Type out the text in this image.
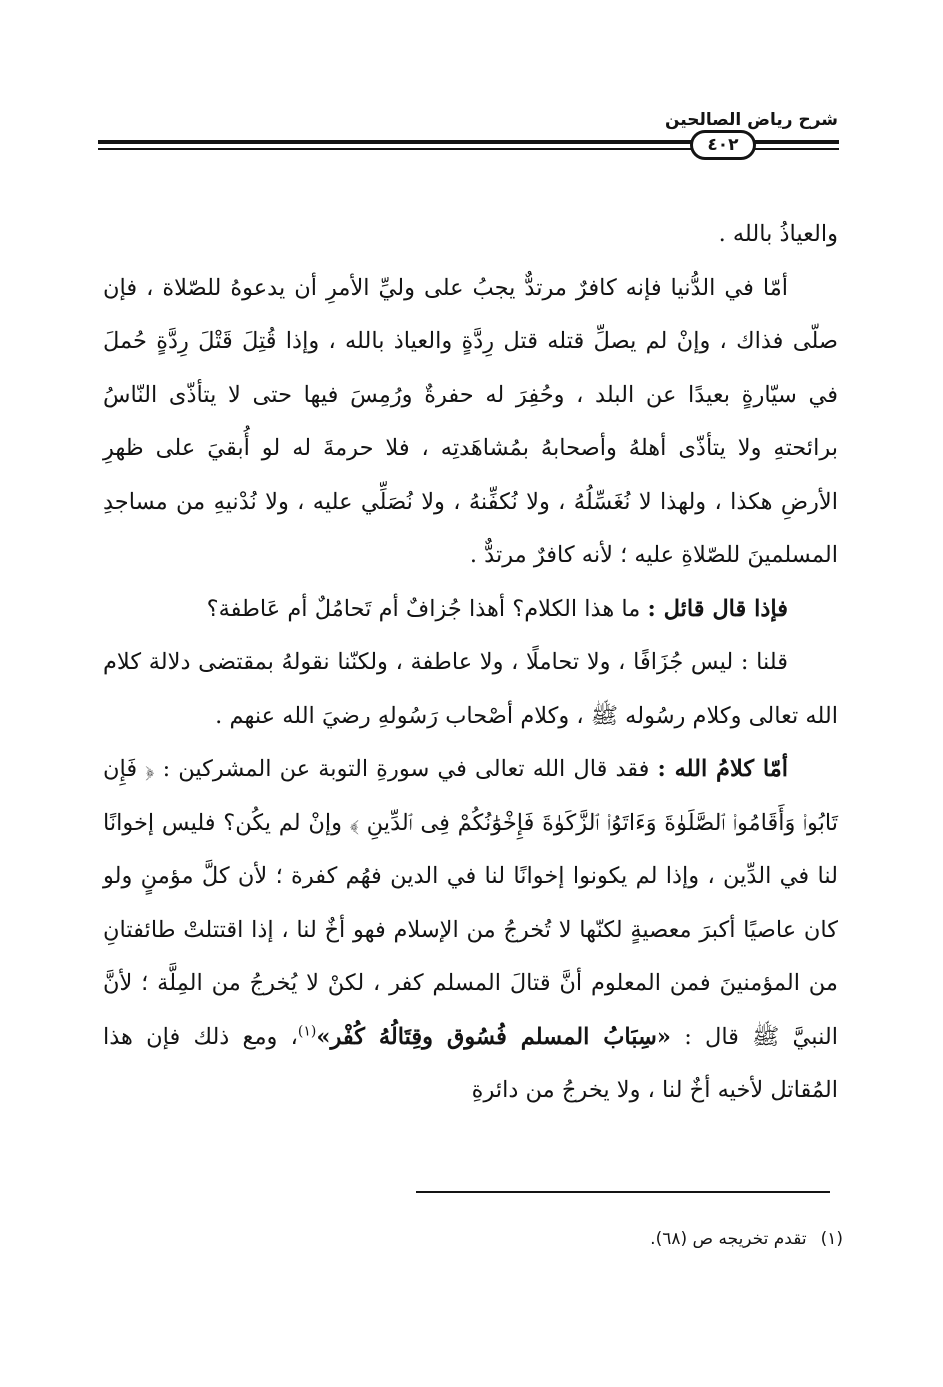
شرح رياض الصالحين
٤٠٢

والعياذُ بالله .

أمّا في الدُّنيا فإنه كافرٌ مرتدٌّ يجبُ على وليِّ الأمرِ أن يدعوهُ للصّلاة ، فإن صلّى فذاك ، وإنْ لم يصلِّ قتله قتل رِدَّةٍ والعياذ بالله ، وإذا قُتِلَ قَتْلَ رِدَّةٍ حُملَ في سيّارةٍ بعيدًا عن البلد ، وحُفِرَ له حفرةٌ ورُمِسَ فيها حتى لا يتأذّى النّاسُ برائحتهِ ولا يتأذّى أهلهُ وأصحابهُ بمُشاهَدتِه ، فلا حرمةَ له لو أُبقيَ على ظهرِ الأرضِ هكذا ، ولهذا لا نُغَسِّلُهُ ، ولا نُكفِّنهُ ، ولا نُصَلِّي عليه ، ولا نُدْنيهِ من مساجدِ المسلمينَ للصّلاةِ عليه ؛ لأنه كافرٌ مرتدٌّ .

فإذا قال قائل : ما هذا الكلام؟ أهذا جُزافٌ أم تَحامُلٌ أم عَاطفة؟

قلنا : ليس جُزَافًا ، ولا تحاملًا ، ولا عاطفة ، ولكنّنا نقولهُ بمقتضى دلالة كلام الله تعالى وكلام رسُوله ﷺ ، وكلام أصْحاب رَسُولهِ رضيَ الله عنهم .

أمّا كلامُ الله : فقد قال الله تعالى في سورةِ التوبة عن المشركين : ﴿ فَإِن تَابُوا۟ وَأَقَامُوا۟ ٱلصَّلَوٰةَ وَءَاتَوُا۟ ٱلزَّكَوٰةَ فَإِخْوَٰنُكُمْ فِى ٱلدِّينِ ﴾ وإنْ لم يكُن؟ فليس إخوانًا لنا في الدِّين ، وإذا لم يكونوا إخوانًا لنا في الدين فهُم كفرة ؛ لأن كلَّ مؤمنٍ ولو كان عاصيًا أكبرَ معصيةٍ لكنّها لا تُخرجُ من الإسلام فهو أخٌ لنا ، إذا اقتتلتْ طائفتانِ من المؤمنينَ فمن المعلوم أنَّ قتالَ المسلم كفر ، لكنْ لا يُخرجُ من المِلَّة ؛ لأنَّ النبيَّ ﷺ قال : «سِبَابُ المسلم فُسُوق وقِتَالُهُ كُفْر»$^{(١)}$، ومع ذلك فإن هذا المُقاتل لأخيه أخٌ لنا ، ولا يخرجُ من دائرةِ

(١)تقدم تخريجه ص (٦٨).
